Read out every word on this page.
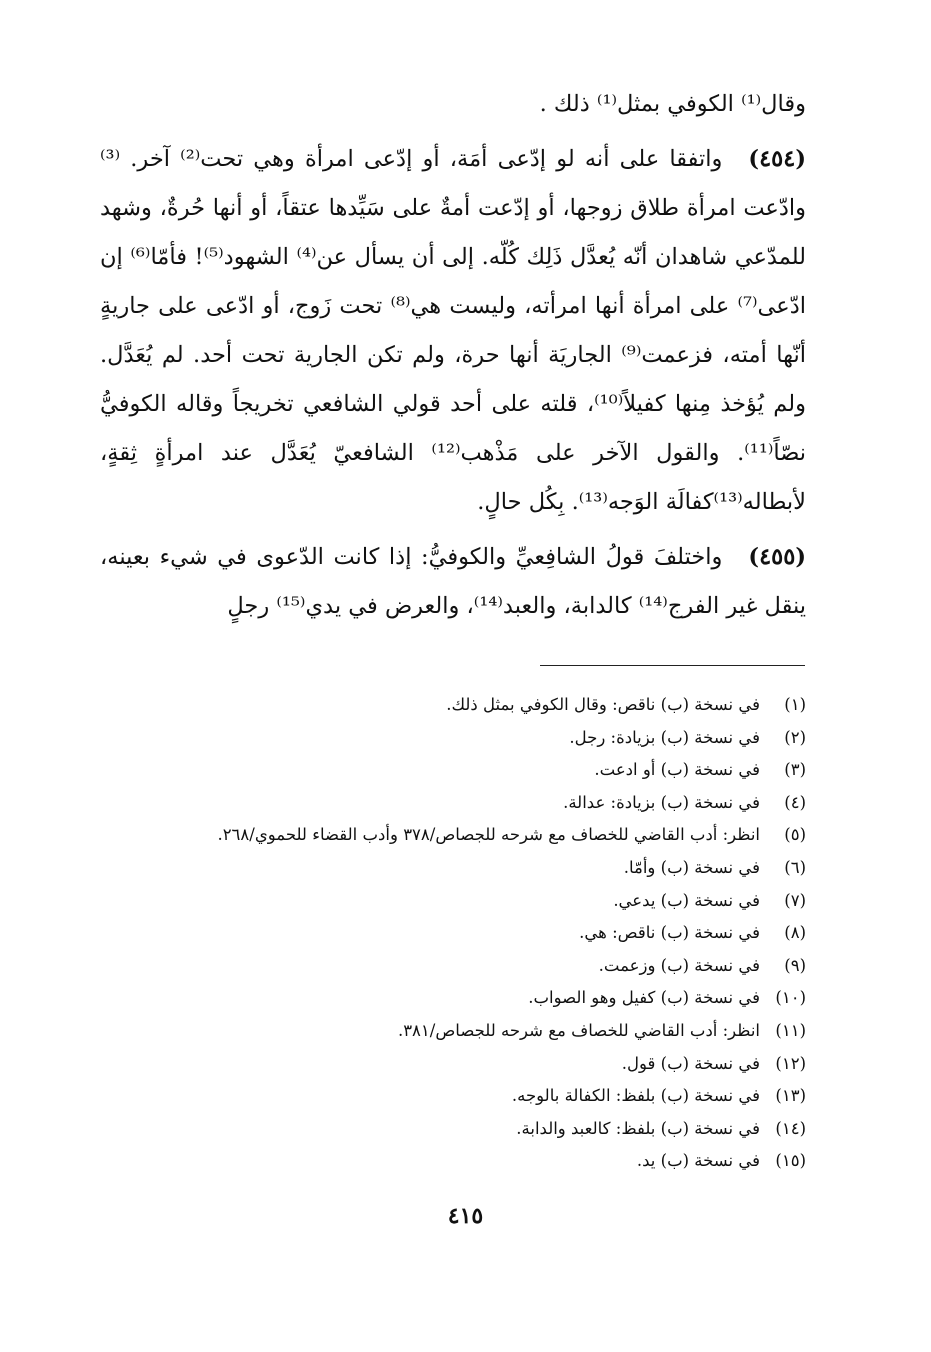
وقال⁽¹⁾ الكوفي بمثل⁽¹⁾ ذلك .

(٤٥٤)واتفقا على أنه لو إدّعى أمَة، أو إدّعى امرأة وهي تحت⁽²⁾ آخر. ⁽³⁾وادّعت امرأة طلاق زوجها، أو إدّعت أمةٌ على سَيِّدها عتقاً، أو أنها حُرةٌ، وشهد للمدّعي شاهدان أنّه يُعدَّل ذَلِك كُلّه. إلى أن يسأل عن⁽⁴⁾ الشهود⁽⁵⁾! فأمّا⁽⁶⁾ إن ادّعى⁽⁷⁾ على امرأة أنها امرأته، وليست هي⁽⁸⁾ تحت زَوج، أو ادّعى على جاريةٍ أنّها أمته، فزعمت⁽⁹⁾ الجاريَة أنها حرة، ولم تكن الجارية تحت أحد. لم يُعَدَّل. ولم يُؤخذ مِنها كفيلاً⁽¹⁰⁾، قلته على أحد قولي الشافعي تخريجاً وقاله الكوفيُّ نصّاً⁽¹¹⁾. والقول الآخر على مَذْهب⁽¹²⁾ الشافعيّ يُعَدَّل عند امرأةٍ ثِقةٍ، لأبطاله⁽¹³⁾كفالَة الوَجه⁽¹³⁾. بِكُل حالٍ.

(٤٥٥)واختلفَ قولُ الشافِعيِّ والكوفيُّ: إذا كانت الدّعوى في شيء بعينه، ينقل غير الفرج⁽¹⁴⁾ كالدابة، والعبد⁽¹⁴⁾، والعرض في يدي⁽¹⁵⁾ رجلٍ

(١)
في نسخة (ب) ناقص: وقال الكوفي بمثل ذلك.
(٢)
في نسخة (ب) بزيادة: رجل.
(٣)
في نسخة (ب) أو ادعت.
(٤)
في نسخة (ب) بزيادة: عدالة.
(٥)
انظر: أدب القاضي للخصاف مع شرحه للجصاص/٣٧٨ وأدب القضاء للحموي/٢٦٨.
(٦)
في نسخة (ب) وأمّا.
(٧)
في نسخة (ب) يدعي.
(٨)
في نسخة (ب) ناقص: هي.
(٩)
في نسخة (ب) وزعمت.
(١٠)
في نسخة (ب) كفيل وهو الصواب.
(١١)
انظر: أدب القاضي للخصاف مع شرحه للجصاص/٣٨١.
(١٢)
في نسخة (ب) قول.
(١٣)
في نسخة (ب) بلفظ: الكفالة بالوجه.
(١٤)
في نسخة (ب) بلفظ: كالعبد والدابة.
(١٥)
في نسخة (ب) يد.
٤١٥
